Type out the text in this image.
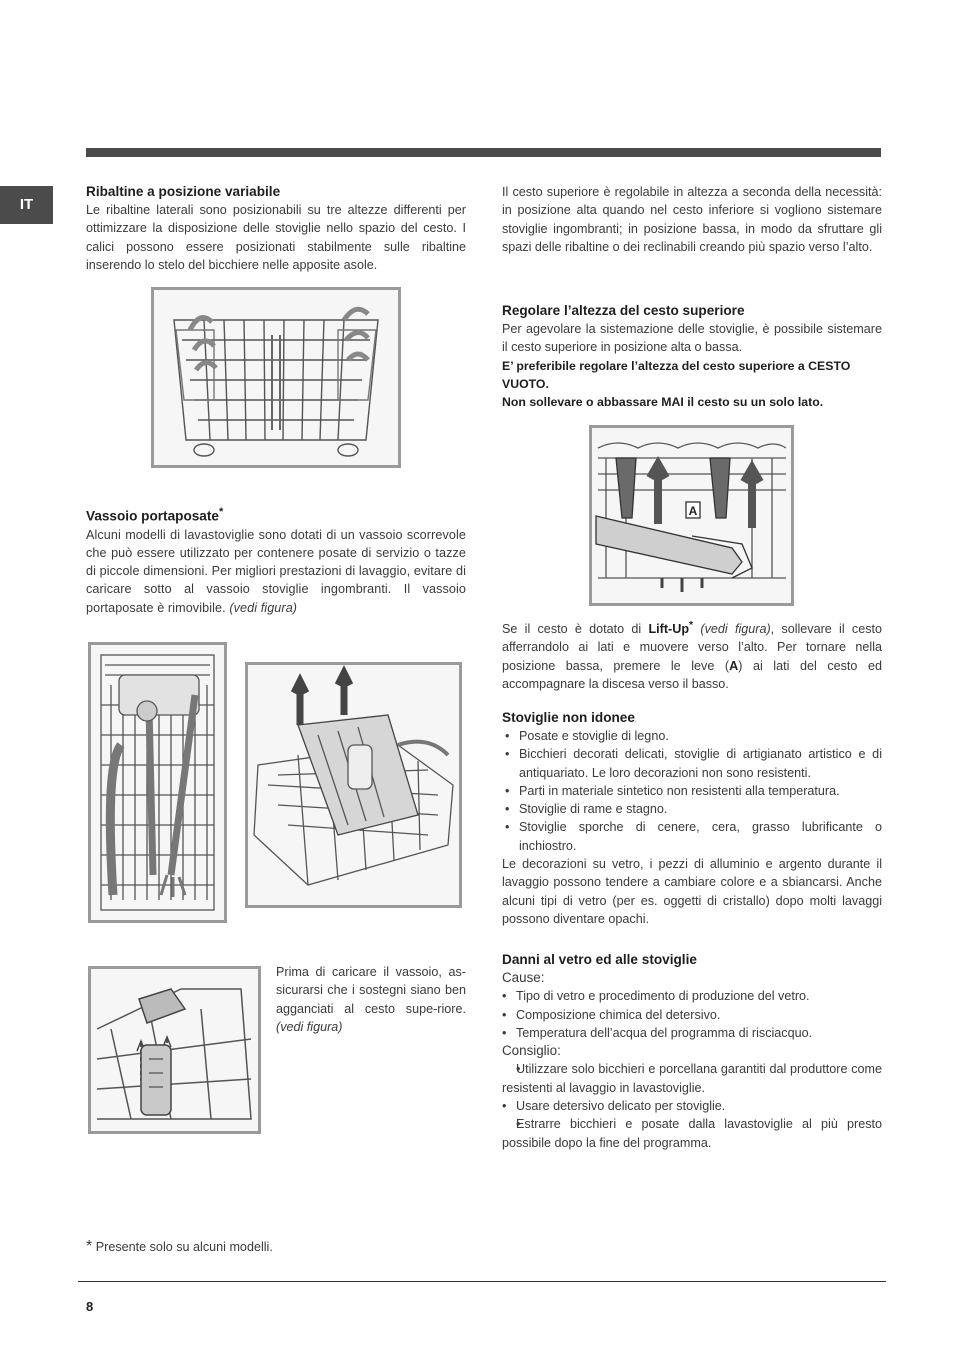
IT
Ribaltine a posizione variabile

Le ribaltine laterali sono posizionabili su tre altezze differenti per ottimizzare la disposizione delle stoviglie nello spazio del cesto. I calici possono essere posizionati stabilmente sulle ribaltine inserendo lo stelo del bicchiere nelle apposite asole.

Vassoio portaposate*

Alcuni modelli di lavastoviglie sono dotati di un vassoio scorrevole che può essere utilizzato per contenere posate di servizio o tazze di piccole dimensioni. Per migliori prestazioni di lavaggio, evitare di caricare sotto al vassoio stoviglie ingombranti. Il vassoio portaposate è rimovibile. (vedi figura)

Prima di caricare il vassoio, as-sicurarsi che i sostegni siano ben agganciati al cesto supe-riore. (vedi figura)

Il cesto superiore è regolabile in altezza a seconda della necessità: in posizione alta quando nel cesto inferiore si vogliono sistemare stoviglie ingombranti; in posizione bassa, in modo da sfruttare gli spazi delle ribaltine o dei reclinabili creando più spazio verso l’alto.

Regolare l’altezza del cesto superiore

Per agevolare la sistemazione delle stoviglie, è possibile sistemare il cesto superiore in posizione alta o bassa.

E’ preferibile regolare l’altezza del cesto superiore a CESTO VUOTO.

Non sollevare o abbassare MAI il cesto su un solo lato.

A

Se il cesto è dotato di Lift-Up* (vedi figura), sollevare il cesto afferrandolo ai lati e muovere verso l’alto. Per tornare nella posizione bassa, premere le leve (A) ai lati del cesto ed accompagnare la discesa verso il basso.

Stoviglie non idonee
• Posate e stoviglie di legno.
• Bicchieri decorati delicati, stoviglie di artigianato artistico e di antiquariato. Le loro decorazioni non sono resistenti.
• Parti in materiale sintetico non resistenti alla temperatura.
• Stoviglie di rame e stagno.
• Stoviglie sporche di cenere, cera, grasso lubrificante o inchiostro.

Le decorazioni su vetro, i pezzi di alluminio e argento durante il lavaggio possono tendere a cambiare colore e a sbiancarsi. Anche alcuni tipi di vetro (per es. oggetti di cristallo) dopo molti lavaggi possono diventare opachi.

Danni al vetro ed alle stoviglie

Cause:

• Tipo di vetro e procedimento di produzione del vetro.
• Composizione chimica del detersivo.
• Temperatura dell’acqua del programma di risciacquo.

Consiglio:

• Utilizzare solo bicchieri e porcellana garantiti dal produttore come resistenti al lavaggio in lavastoviglie.
• Usare detersivo delicato per stoviglie.
• Estrarre bicchieri e posate dalla lavastoviglie al più presto possibile dopo la fine del programma.
* Presente solo su alcuni modelli.
8
